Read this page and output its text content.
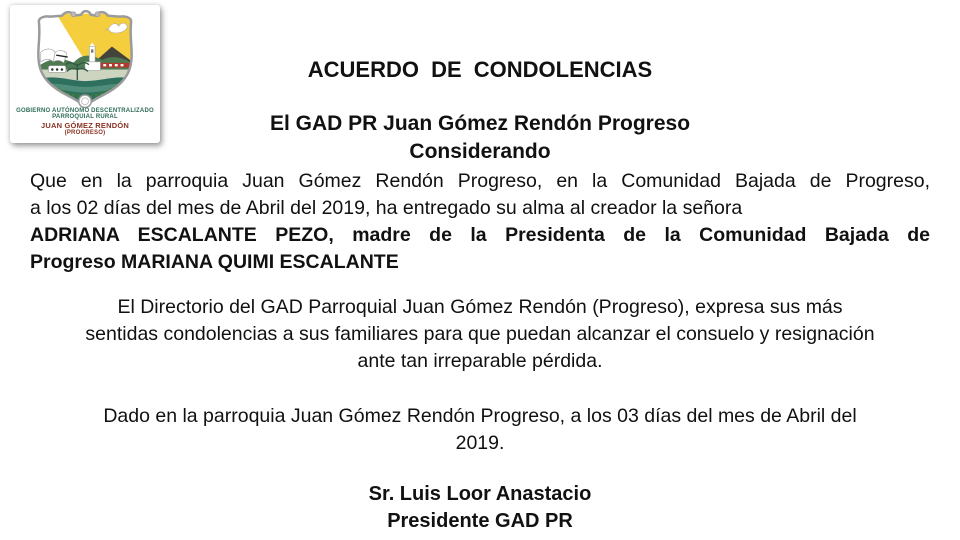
GOBIERNO AUTÓNOMO DESCENTRALIZADO
PARROQUIAL RURAL
JUAN GÓMEZ RENDÓN
(PROGRESO)
ACUERDO DE CONDOLENCIAS
El GAD PR Juan Gómez Rendón Progreso
Considerando
Que en la parroquia Juan Gómez Rendón Progreso, en la Comunidad Bajada de Progreso,
a los 02 días del mes de Abril del 2019, ha entregado su alma al creador la señora
ADRIANA ESCALANTE PEZO, madre de la Presidenta de la Comunidad Bajada de
Progreso MARIANA QUIMI ESCALANTE
El Directorio del GAD Parroquial Juan Gómez Rendón (Progreso), expresa sus más
sentidas condolencias a sus familiares para que puedan alcanzar el consuelo y resignación
ante tan irreparable pérdida.
Dado en la parroquia Juan Gómez Rendón Progreso, a los 03 días del mes de Abril del
2019.
Sr. Luis Loor Anastacio
Presidente GAD PR
